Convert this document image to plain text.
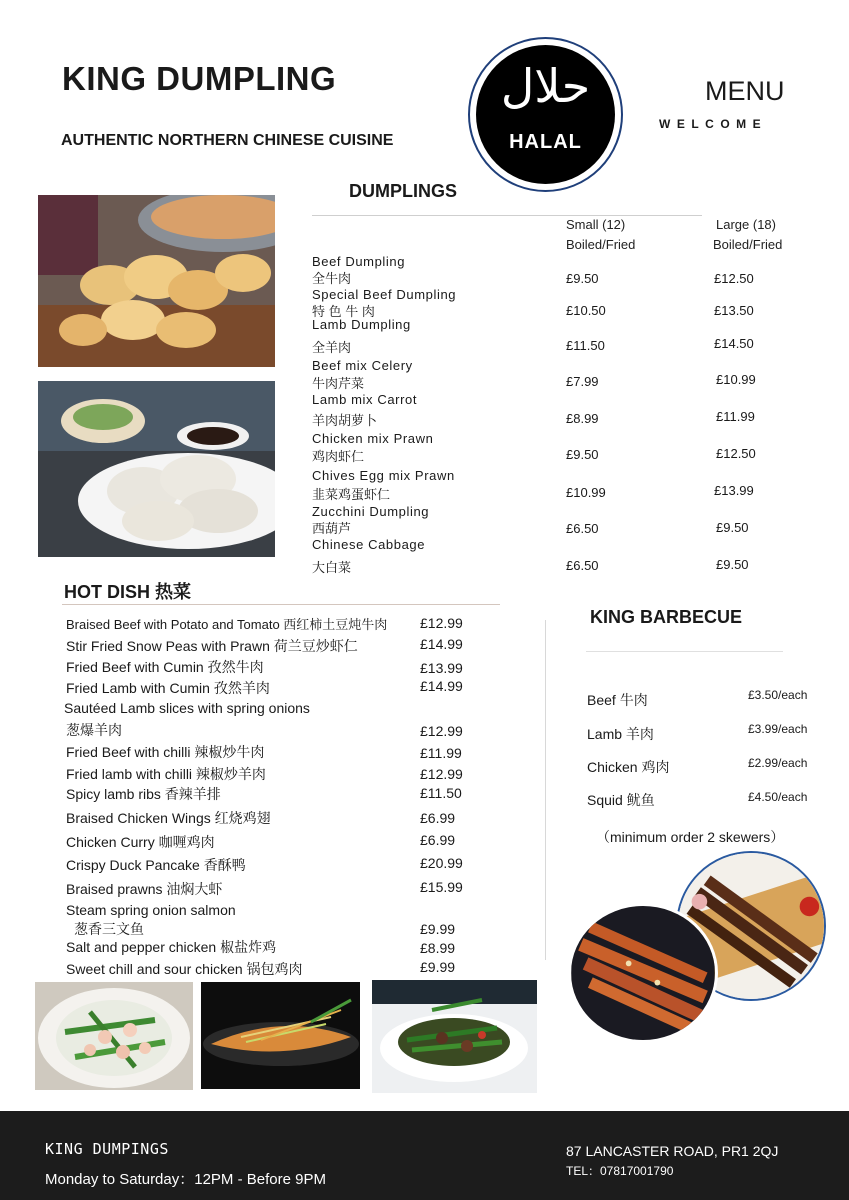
KING DUMPLING
AUTHENTIC NORTHERN CHINESE CUISINE
حلال
HALAL
MENU
WELCOME
DUMPLINGS
Small (12)	Large (18)
Boiled/Fried	Boiled/Fried
Beef Dumpling
全牛肉	£9.50	£12.50
Special Beef Dumpling
特 色 牛 肉	£10.50	£13.50
Lamb Dumpling
全羊肉	£11.50	£14.50
Beef mix Celery
牛肉芹菜	£7.99	£10.99
Lamb mix Carrot
羊肉胡萝卜	£8.99	£11.99
Chicken mix Prawn
鸡肉虾仁	£9.50	£12.50
Chives Egg mix Prawn
韭菜鸡蛋虾仁	£10.99	£13.99
Zucchini Dumpling
西葫芦	£6.50	£9.50
Chinese Cabbage
大白菜	£6.50	£9.50
HOT DISH 热菜
Braised Beef with Potato and Tomato 西红柿土豆炖牛肉 £12.99
Stir Fried Snow Peas with Prawn 荷兰豆炒虾仁	£14.99
Fried Beef with Cumin 孜然牛肉	£13.99
Fried Lamb with Cumin 孜然羊肉	£14.99
Sautéed Lamb slices with spring onions
葱爆羊肉	£12.99
Fried Beef with chilli 辣椒炒牛肉	£11.99
Fried lamb with chilli 辣椒炒羊肉	£12.99
Spicy lamb ribs 香辣羊排	£11.50
Braised Chicken Wings 红烧鸡翅	£6.99
Chicken Curry 咖喱鸡肉	£6.99
Crispy Duck Pancake 香酥鸭	£20.99
Braised prawns 油焖大虾	£15.99
Steam spring onion salmon
葱香三文鱼	£9.99
Salt and pepper chicken 椒盐炸鸡	£8.99
Sweet chill and sour chicken 锅包鸡肉	£9.99
KING BARBECUE
Beef 牛肉	£3.50/each
Lamb 羊肉	£3.99/each
Chicken 鸡肉	£2.99/each
Squid 鱿鱼	£4.50/each
（minimum order 2 skewers）
KING DUMPINGS
Monday to Saturday：12PM - Before 9PM
87 LANCASTER ROAD, PR1 2QJ
TEL：07817001790
